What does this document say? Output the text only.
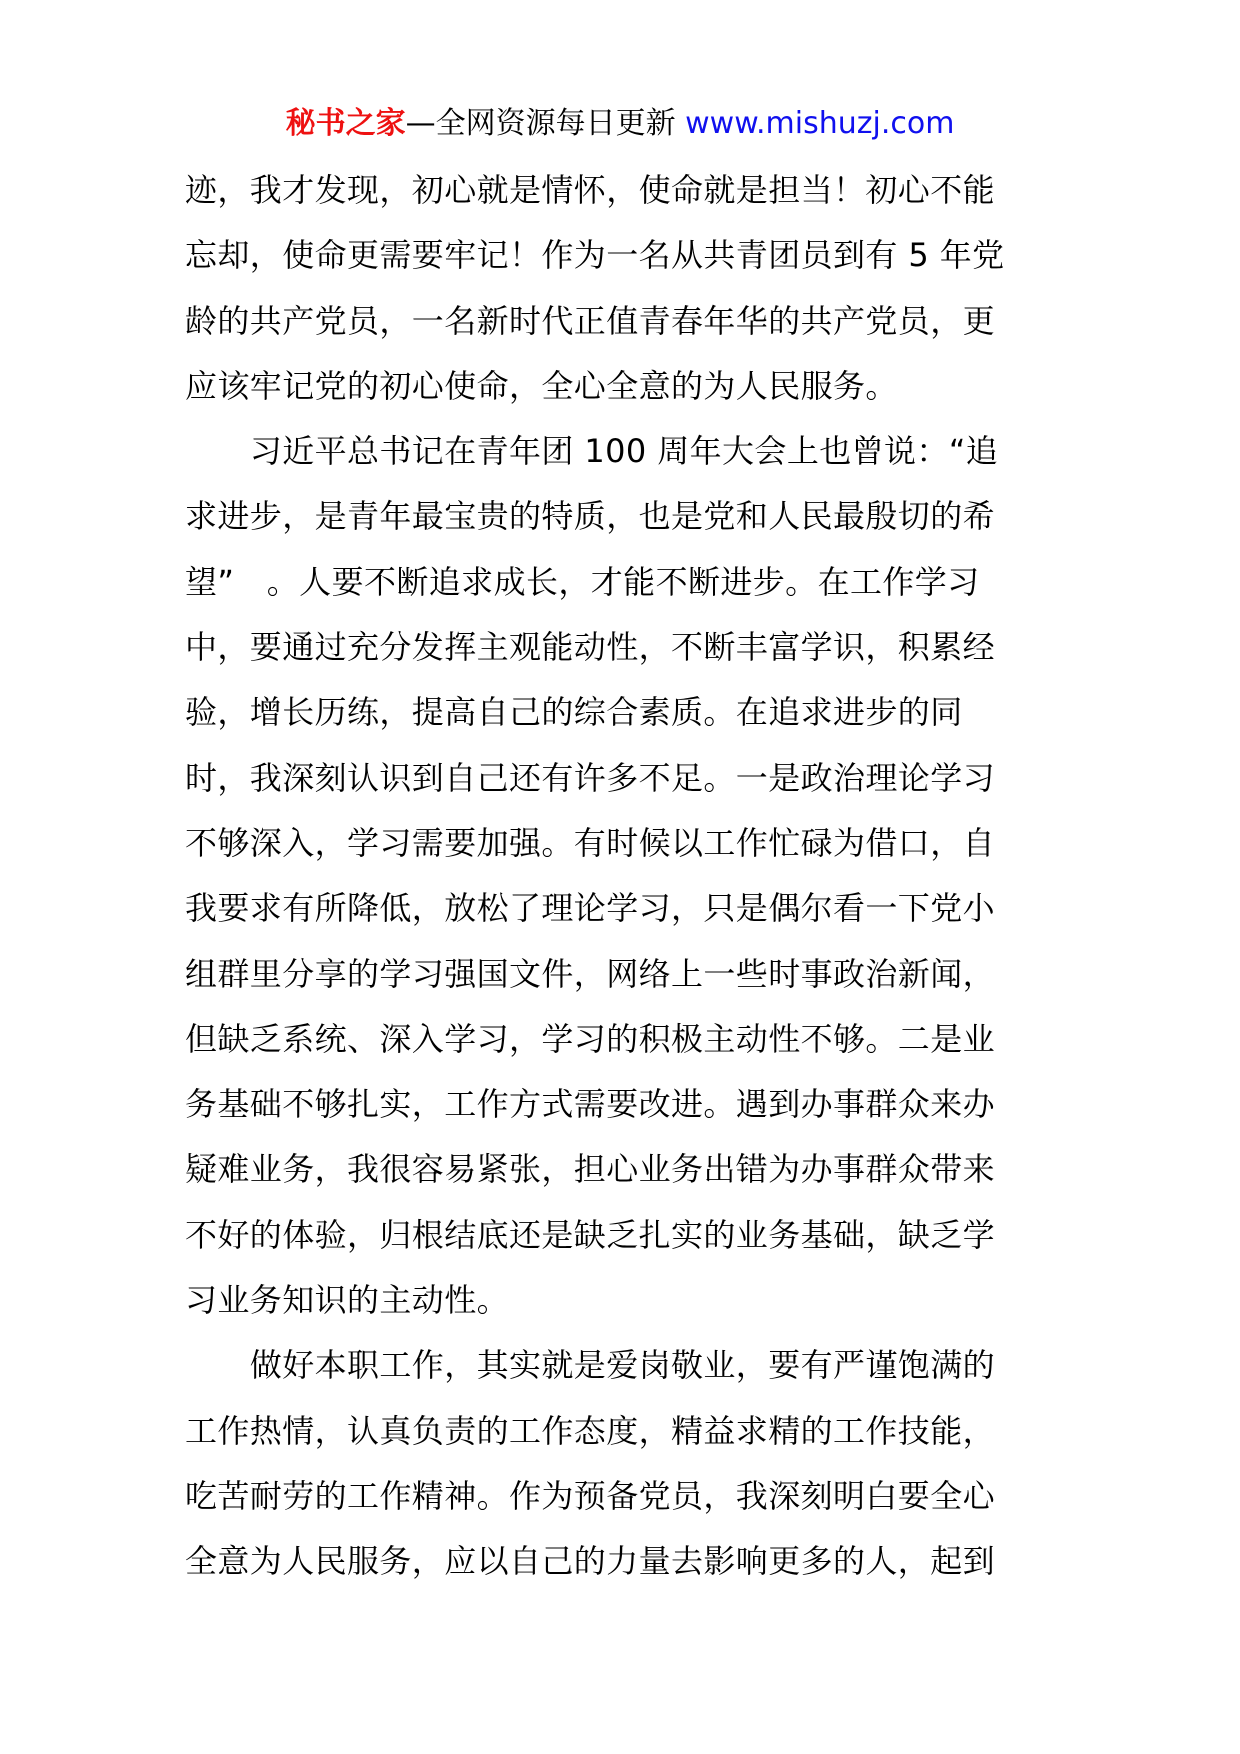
秘书之家—全网资源每日更新 www.mishuzj.com
迹，我才发现，初心就是情怀，使命就是担当！初心不能
忘却，使命更需要牢记！作为一名从共青团员到有 5 年党
龄的共产党员，一名新时代正值青春年华的共产党员，更
应该牢记党的初心使命，全心全意的为人民服务。
　　习近平总书记在青年团 100 周年大会上也曾说：“追
求进步，是青年最宝贵的特质，也是党和人民最殷切的希
望”　。人要不断追求成长，才能不断进步。在工作学习
中，要通过充分发挥主观能动性，不断丰富学识，积累经
验，增长历练，提高自己的综合素质。在追求进步的同
时，我深刻认识到自己还有许多不足。一是政治理论学习
不够深入，学习需要加强。有时候以工作忙碌为借口，自
我要求有所降低，放松了理论学习，只是偶尔看一下党小
组群里分享的学习强国文件，网络上一些时事政治新闻，
但缺乏系统、深入学习，学习的积极主动性不够。二是业
务基础不够扎实，工作方式需要改进。遇到办事群众来办
疑难业务，我很容易紧张，担心业务出错为办事群众带来
不好的体验，归根结底还是缺乏扎实的业务基础，缺乏学
习业务知识的主动性。
　　做好本职工作，其实就是爱岗敬业，要有严谨饱满的
工作热情，认真负责的工作态度，精益求精的工作技能，
吃苦耐劳的工作精神。作为预备党员，我深刻明白要全心
全意为人民服务，应以自己的力量去影响更多的人，起到
